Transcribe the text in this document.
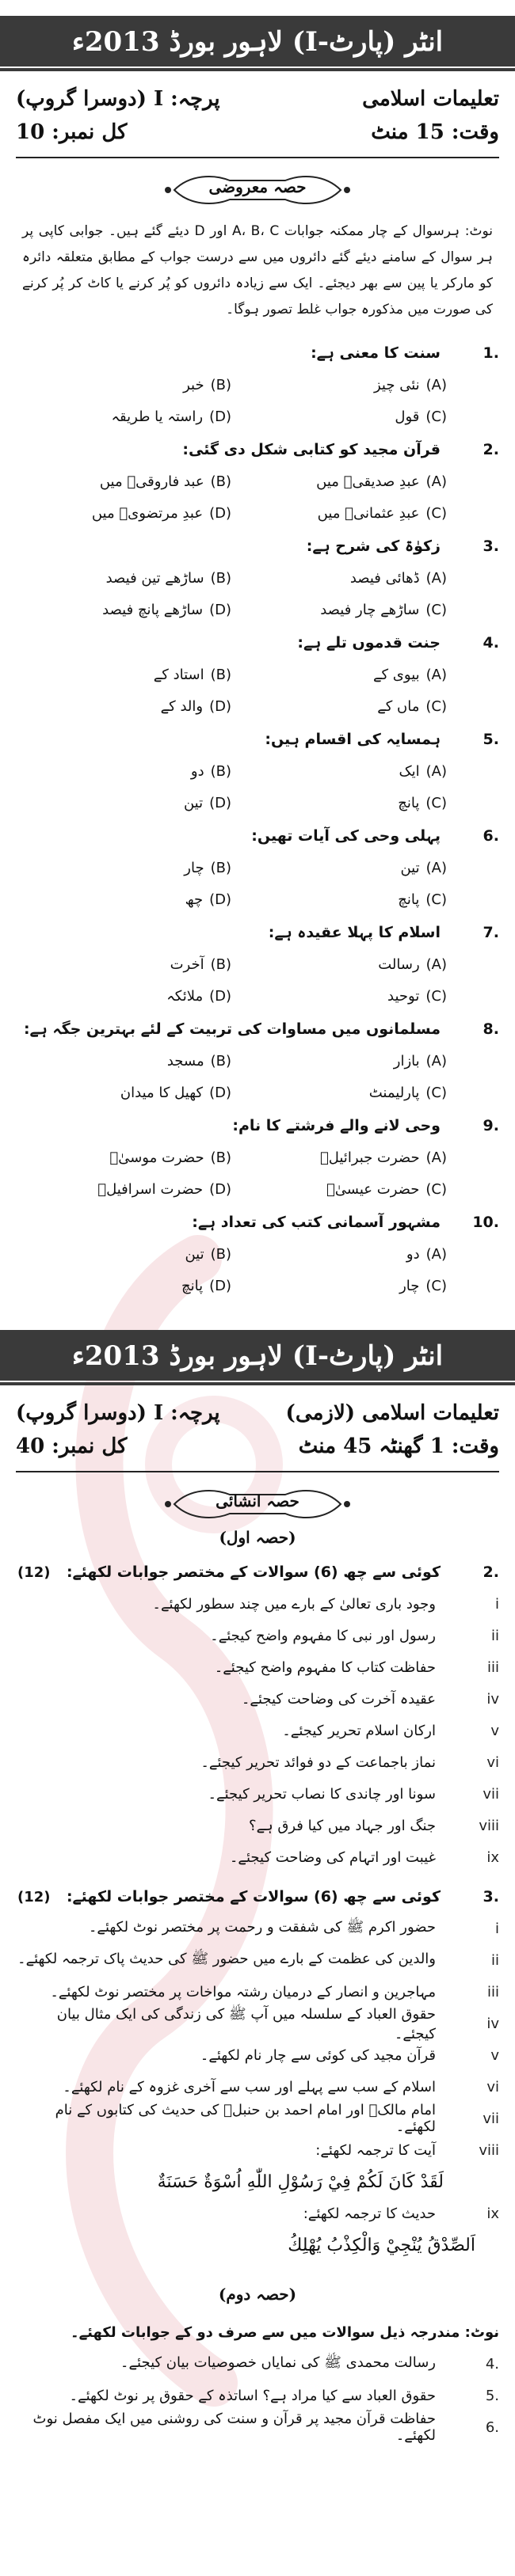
انٹر (پارٹ-I) لاہور بورڈ 2013ء
تعلیمات اسلامی
پرچہ: I (دوسرا گروپ)
وقت: 15 منٹ
کل نمبر: 10
حصہ معروضی
نوٹ: ہرسوال کے چار ممکنہ جوابات A، B، C اور D دیئے گئے ہیں۔ جوابی کاپی پر ہر سوال کے سامنے دیئے گئے دائروں میں سے درست جواب کے مطابق متعلقہ دائرہ کو مارکر یا پین سے بھر دیجئے۔ ایک سے زیادہ دائروں کو پُر کرنے یا کاٹ کر پُر کرنے کی صورت میں مذکورہ جواب غلط تصور ہوگا۔
1.
سنت کا معنی ہے:
(A)
نئی چیز
(B)
خبر
(C)
قول
(D)
راستہ یا طریقہ
2.
قرآن مجید کو کتابی شکل دی گئی:
(A)
عبدِ صدیقیؓ میں
(B)
عبد فاروقیؓ میں
(C)
عبدِ عثمانیؓ میں
(D)
عبدِ مرتضویؓ میں
3.
زکوٰۃ کی شرح ہے:
(A)
ڈھائی فیصد
(B)
ساڑھے تین فیصد
(C)
ساڑھے چار فیصد
(D)
ساڑھے پانچ فیصد
4.
جنت قدموں تلے ہے:
(A)
بیوی کے
(B)
استاد کے
(C)
ماں کے
(D)
والد کے
5.
ہمسایہ کی اقسام ہیں:
(A)
ایک
(B)
دو
(C)
پانچ
(D)
تین
6.
پہلی وحی کی آیات تھیں:
(A)
تین
(B)
چار
(C)
پانچ
(D)
چھ
7.
اسلام کا پہلا عقیدہ ہے:
(A)
رسالت
(B)
آخرت
(C)
توحید
(D)
ملائکہ
8.
مسلمانوں میں مساوات کی تربیت کے لئے بہترین جگہ ہے:
(A)
بازار
(B)
مسجد
(C)
پارلیمنٹ
(D)
کھیل کا میدان
9.
وحی لانے والے فرشتے کا نام:
(A)
حضرت جبرائیلؑ
(B)
حضرت موسیٰؑ
(C)
حضرت عیسیٰؑ
(D)
حضرت اسرافیلؑ
10.
مشہور آسمانی کتب کی تعداد ہے:
(A)
دو
(B)
تین
(C)
چار
(D)
پانچ
انٹر (پارٹ-I) لاہور بورڈ 2013ء
تعلیمات اسلامی (لازمی)
پرچہ: I (دوسرا گروپ)
وقت: 1 گھنٹہ 45 منٹ
کل نمبر: 40
حصہ انشائی
(حصہ اول)
2.
کوئی سے چھ (6) سوالات کے مختصر جوابات لکھئے:
(12)
i
وجود باری تعالیٰ کے بارے میں چند سطور لکھئے۔
ii
رسول اور نبی کا مفہوم واضح کیجئے۔
iii
حفاظت کتاب کا مفہوم واضح کیجئے۔
iv
عقیدہ آخرت کی وضاحت کیجئے۔
v
ارکان اسلام تحریر کیجئے۔
vi
نماز باجماعت کے دو فوائد تحریر کیجئے۔
vii
سونا اور چاندی کا نصاب تحریر کیجئے۔
viii
جنگ اور جہاد میں کیا فرق ہے؟
ix
غیبت اور اتہام کی وضاحت کیجئے۔
3.
کوئی سے چھ (6) سوالات کے مختصر جوابات لکھئے:
(12)
i
حضور اکرم ﷺ کی شفقت و رحمت پر مختصر نوٹ لکھئے۔
ii
والدین کی عظمت کے بارے میں حضور ﷺ کی حدیث پاک ترجمہ لکھئے۔
iii
مہاجرین و انصار کے درمیان رشتہ مواخات پر مختصر نوٹ لکھئے۔
iv
حقوق العباد کے سلسلہ میں آپ ﷺ کی زندگی کی ایک مثال بیان کیجئے۔
v
قرآن مجید کی کوئی سے چار نام لکھئے۔
vi
اسلام کے سب سے پہلے اور سب سے آخری غزوہ کے نام لکھئے۔
vii
امام مالکؒ اور امام احمد بن حنبلؒ کی حدیث کی کتابوں کے نام لکھئے۔
viii
آیت کا ترجمہ لکھئے:
لَقَدْ كَانَ لَكُمْ فِيْ رَسُوْلِ اللّٰهِ اُسْوَةٌ حَسَنَةٌ
ix
حدیث کا ترجمہ لکھئے:
اَلصِّدْقُ يُنْجِيْ وَالْكِذْبُ يُهْلِكُ
(حصہ دوم)
نوٹ: مندرجہ ذیل سوالات میں سے صرف دو کے جوابات لکھئے۔
4.
رسالت محمدی ﷺ کی نمایاں خصوصیات بیان کیجئے۔
5.
حقوق العباد سے کیا مراد ہے؟ اساتذہ کے حقوق پر نوٹ لکھئے۔
6.
حفاظت قرآن مجید پر قرآن و سنت کی روشنی میں ایک مفصل نوٹ لکھئے۔
